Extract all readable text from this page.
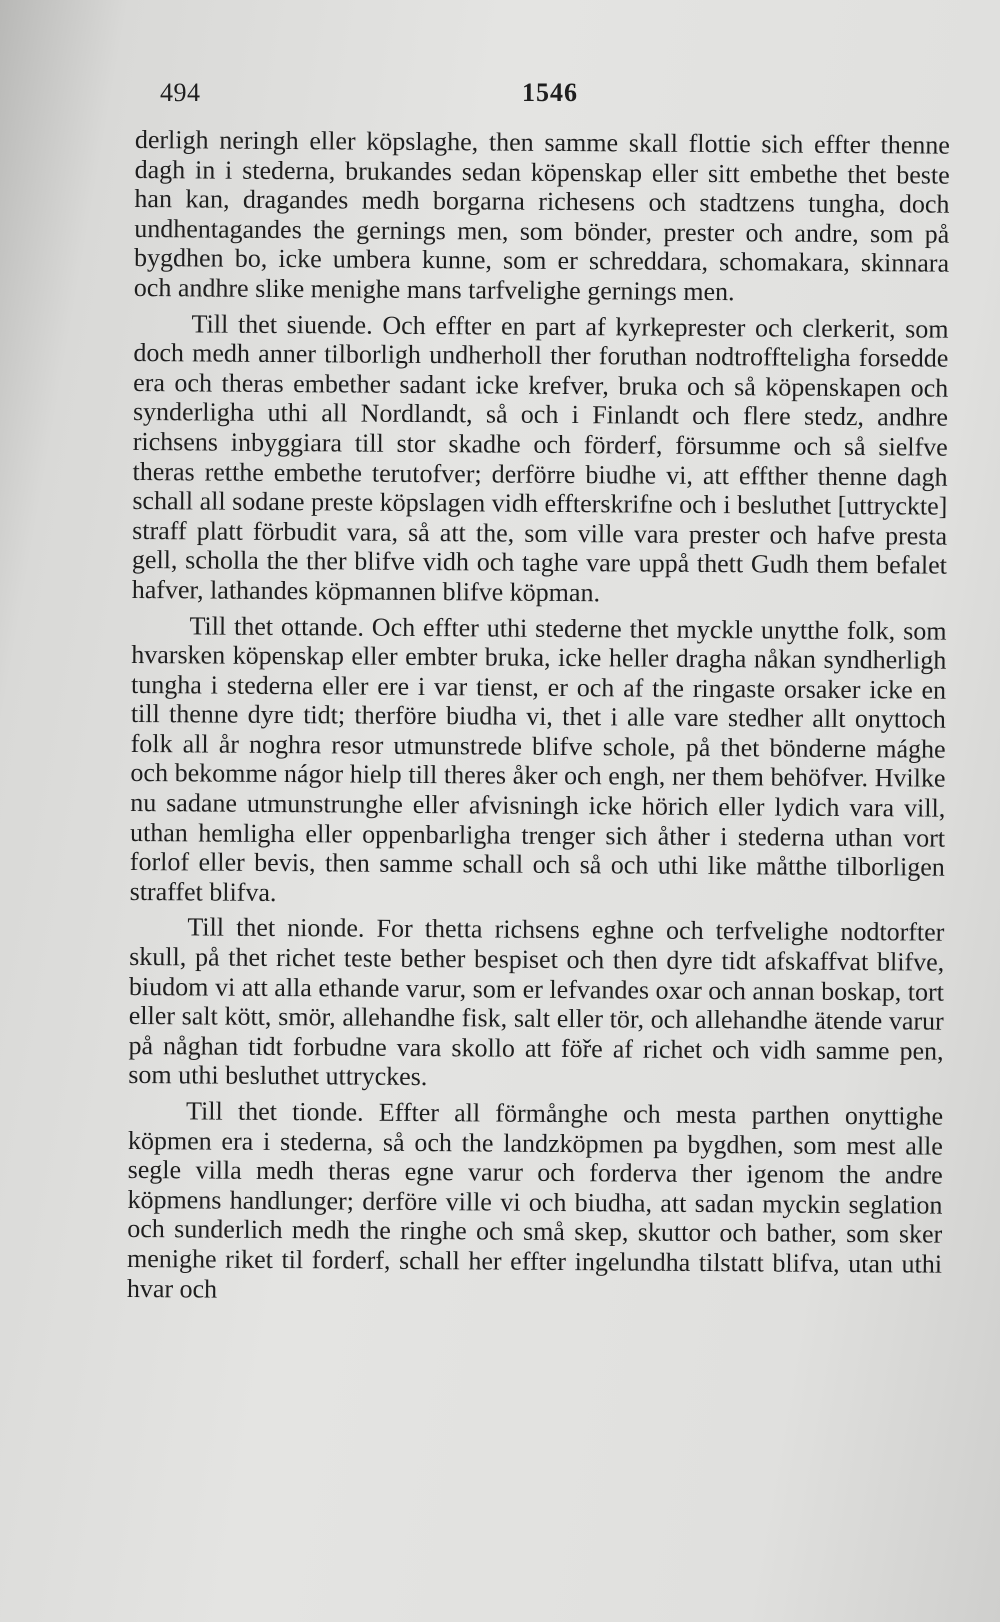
494	1546

derligh neringh eller köpslaghe, then samme skall flottie sich effter thenne dagh in i stederna, brukandes sedan köpenskap eller sitt embethe thet beste han kan, dragandes medh borgarna richesens och stadtzens tungha, doch undhentagandes the gernings men, som bönder, prester och andre, som på bygdhen bo, icke umbera kunne, som er schreddara, schomakara, skinnara och andhre slike menighe mans tarfvelighe gernings men.

Till thet siuende. Och effter en part af kyrkeprester och clerkerit, som doch medh anner tilborligh undherholl ther foruthan nodtroffteligha forsedde era och theras embether sadant icke krefver, bruka och så köpenskapen och synderligha uthi all Nordlandt, så och i Finlandt och flere stedz, andhre richsens inbyggiara till stor skadhe och förderf, försumme och så sielfve theras retthe embethe terutofver; derförre biudhe vi, att effther thenne dagh schall all sodane preste köpslagen vidh effterskrifne och i besluthet [uttryckte] straff platt förbudit vara, så att the, som ville vara prester och hafve presta gell, scholla the ther blifve vidh och taghe vare uppå thett Gudh them befalet hafver, lathandes köpmannen blifve köpman.

Till thet ottande. Och effter uthi stederne thet myckle unytthe folk, som hvarsken köpenskap eller embter bruka, icke heller dragha nåkan syndherligh tungha i stederna eller ere i var tienst, er och af the ringaste orsaker icke en till thenne dyre tidt; therföre biudha vi, thet i alle vare stedher allt onyttoch folk all år noghra resor utmunstrede blifve schole, på thet bönderne mághe och bekomme nágor hielp till theres åker och engh, ner them behöfver. Hvilke nu sadane utmunstrunghe eller afvisningh icke hörich eller lydich vara vill, uthan hemligha eller oppenbarligha trenger sich åther i stederna uthan vort forlof eller bevis, then samme schall och så och uthi like måtthe tilborligen straffet blifva.

Till thet nionde. For thetta richsens eghne och terfvelighe nodtorfter skull, på thet richet teste bether bespiset och then dyre tidt afskaffvat blifve, biudom vi att alla ethande varur, som er lefvandes oxar och annan boskap, tort eller salt kött, smör, allehandhe fisk, salt eller tör, och allehandhe ätende varur på någhan tidt forbudne vara skollo att föře af richet och vidh samme pen, som uthi besluthet uttryckes.

Till thet tionde. Effter all förmånghe och mesta parthen onyttighe köpmen era i stederna, så och the landzköpmen pa bygdhen, som mest alle segle villa medh theras egne varur och forderva ther igenom the andre köpmens handlunger; derföre ville vi och biudha, att sadan myckin seglation och sunderlich medh the ringhe och små skep, skuttor och bather, som sker menighe riket til forderf, schall her effter ingelundha tilstatt blifva, utan uthi hvar och
